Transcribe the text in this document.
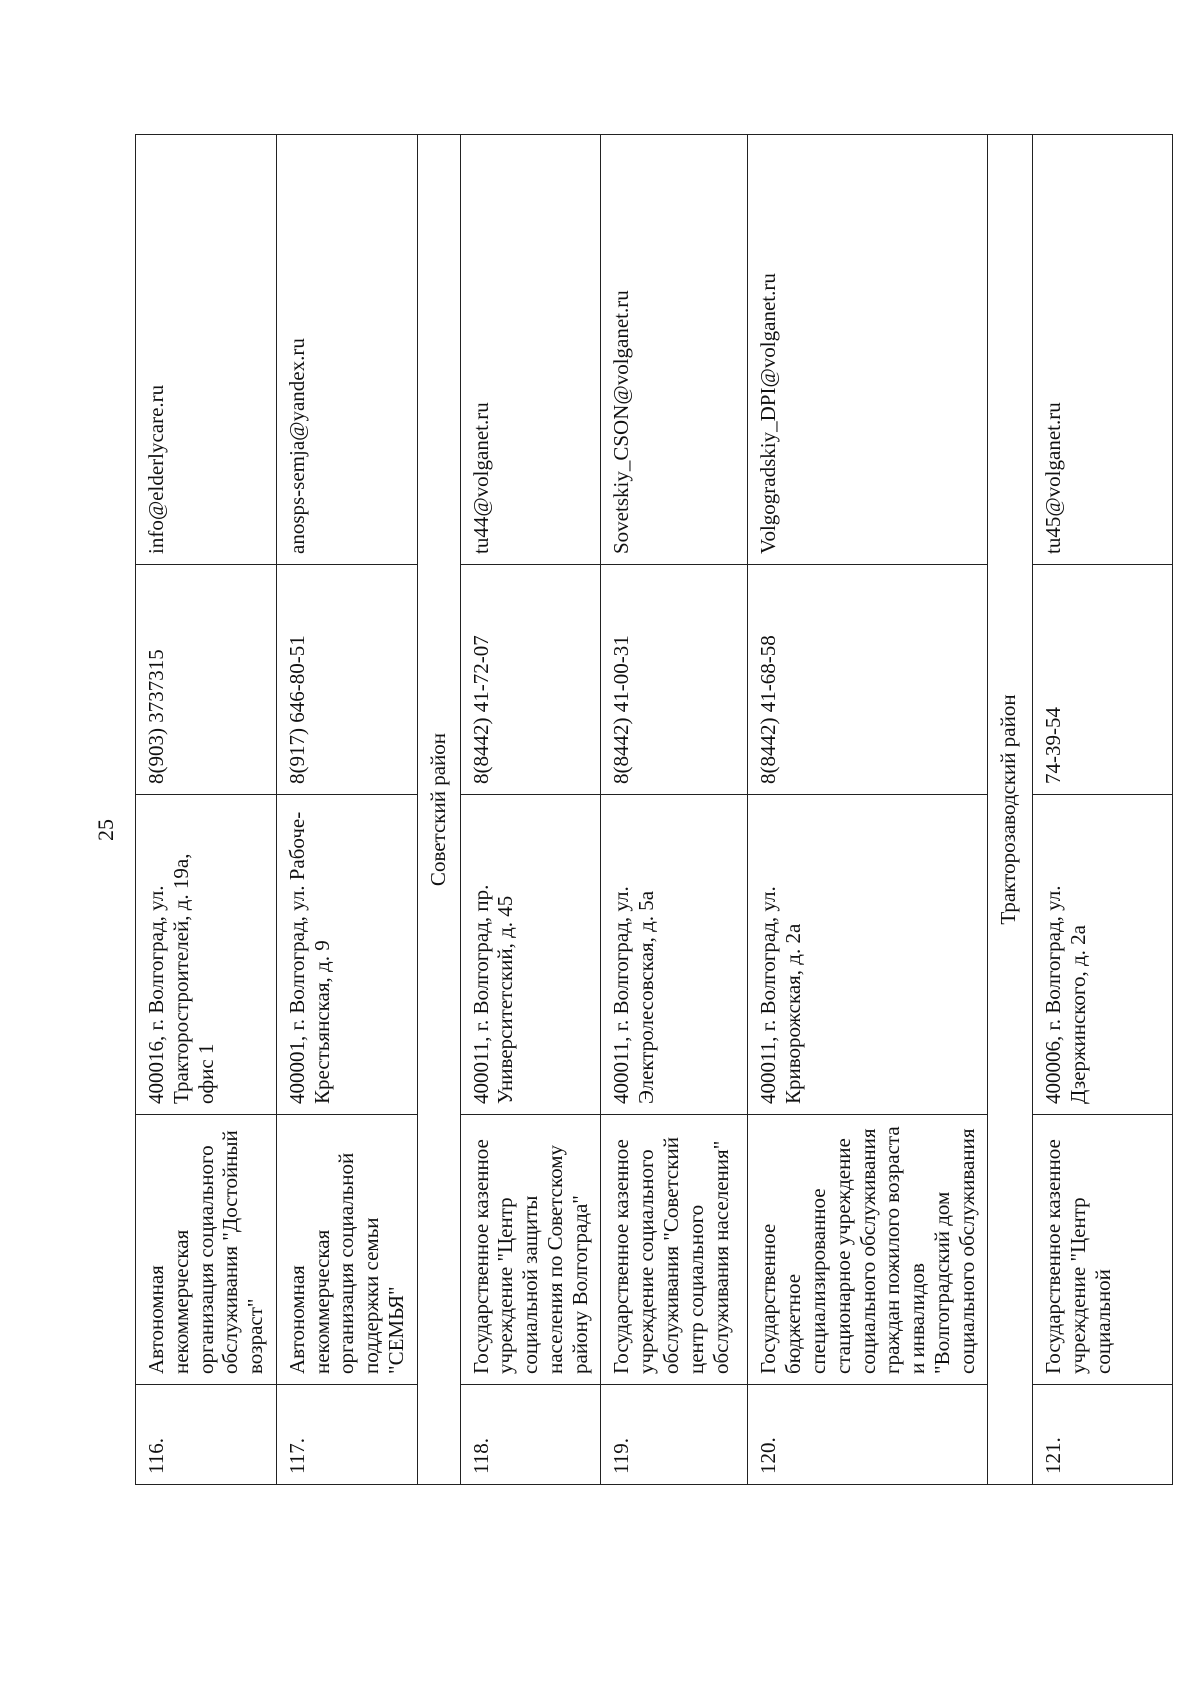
25
116.	Автономная некоммерческая организация социального обслуживания "Достойный возраст"	400016, г. Волгоград, ул. Тракторостроителей, д. 19а, офис 1	8(903) 3737315	info@elderlycare.ru
117.	Автономная некоммерческая организация социальной поддержки семьи "СЕМЬЯ"	400001, г. Волгоград, ул. Рабоче-Крестьянская, д. 9	8(917) 646-80-51	anosps-semja@yandex.ru
Советский район				
118.	Государственное казенное учреждение "Центр социальной защиты населения по Советскому району Волгограда"	400011, г. Волгоград, пр. Университетский, д. 45	8(8442) 41-72-07	tu44@volganet.ru
119.	Государственное казенное учреждение социального обслуживания "Советский центр социального обслуживания населения"	400011, г. Волгоград, ул. Электролесовская, д. 5а	8(8442) 41-00-31	Sovetskiy_CSON@volganet.ru
120.	Государственное бюджетное специализированное стационарное учреждение социального обслуживания граждан пожилого возраста и инвалидов "Волгоградский дом социального обслуживания	400011, г. Волгоград, ул. Криворожская, д. 2а	8(8442) 41-68-58	Volgogradskiy_DPI@volganet.ru
Тракторозаводский район				
121.	Государственное казенное учреждение "Центр социальной	400006, г. Волгоград, ул. Дзержинского, д. 2а	74-39-54	tu45@volganet.ru
